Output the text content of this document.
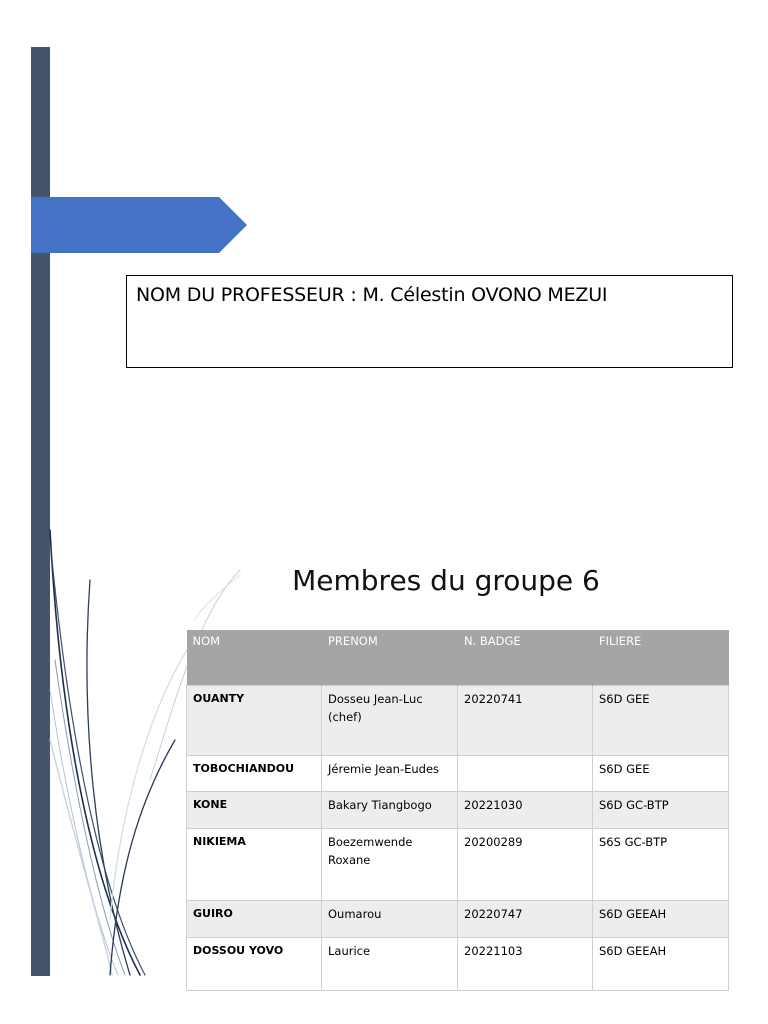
NOM DU PROFESSEUR : M. Célestin OVONO MEZUI
Membres du groupe 6
NOM	PRENOM	N. BADGE	FILIERE
OUANTY	Dosseu Jean-Luc (chef)	20220741	S6D GEE
TOBOCHIANDOU	Jéremie Jean-Eudes		S6D GEE
KONE	Bakary Tiangbogo	20221030	S6D GC-BTP
NIKIEMA	Boezemwende Roxane	20200289	S6S GC-BTP
GUIRO	Oumarou	20220747	S6D GEEAH
DOSSOU YOVO	Laurice	20221103	S6D GEEAH
